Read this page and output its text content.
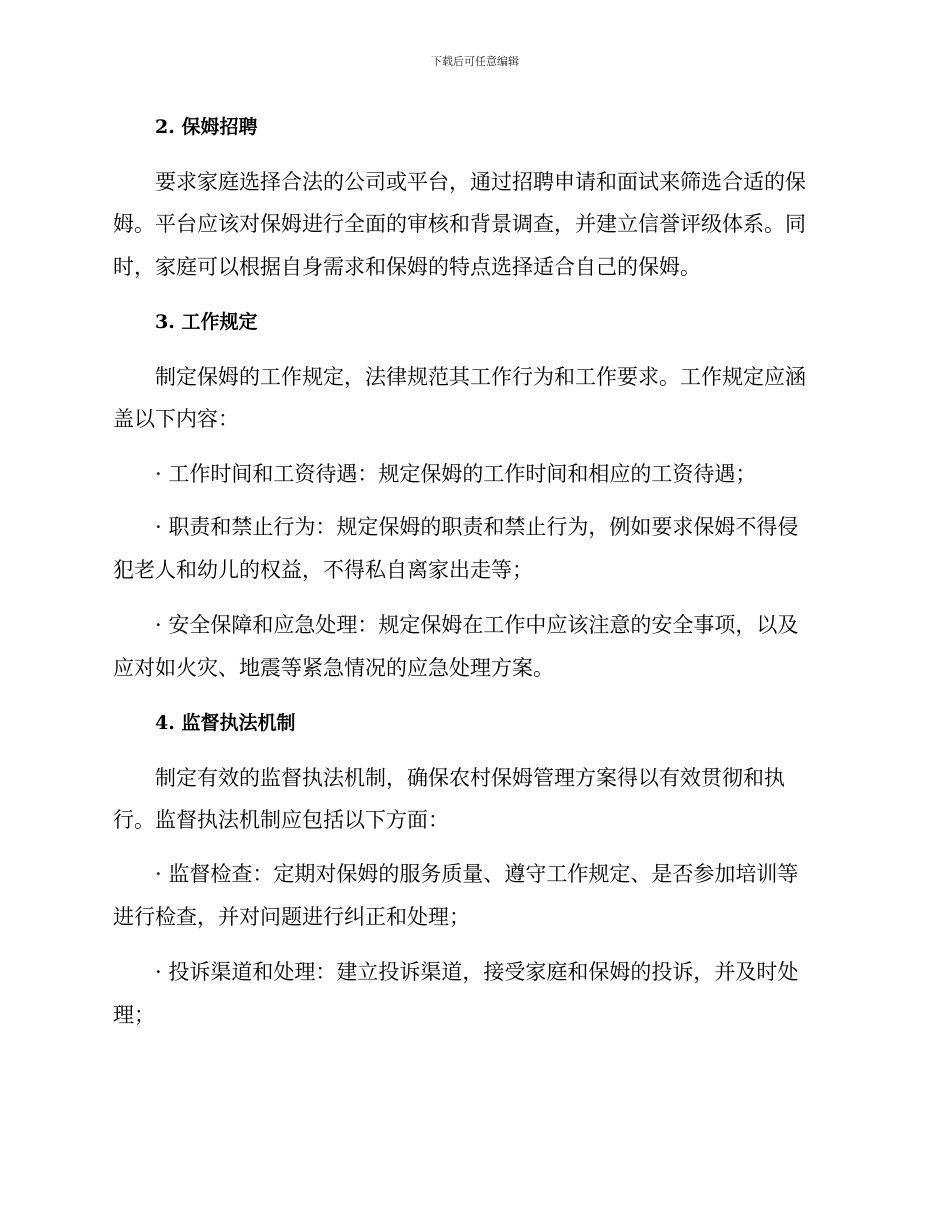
下载后可任意编辑
2. 保姆招聘
要求家庭选择合法的公司或平台，通过招聘申请和面试来筛选合适的保
姆。平台应该对保姆进行全面的审核和背景调查，并建立信誉评级体系。同
时，家庭可以根据自身需求和保姆的特点选择适合自己的保姆。
3. 工作规定
制定保姆的工作规定，法律规范其工作行为和工作要求。工作规定应涵
盖以下内容：
· 工作时间和工资待遇：规定保姆的工作时间和相应的工资待遇；
· 职责和禁止行为：规定保姆的职责和禁止行为，例如要求保姆不得侵
犯老人和幼儿的权益，不得私自离家出走等；
· 安全保障和应急处理：规定保姆在工作中应该注意的安全事项，以及
应对如火灾、地震等紧急情况的应急处理方案。
4. 监督执法机制
制定有效的监督执法机制，确保农村保姆管理方案得以有效贯彻和执
行。监督执法机制应包括以下方面：
· 监督检查：定期对保姆的服务质量、遵守工作规定、是否参加培训等
进行检查，并对问题进行纠正和处理；
· 投诉渠道和处理：建立投诉渠道，接受家庭和保姆的投诉，并及时处
理；
